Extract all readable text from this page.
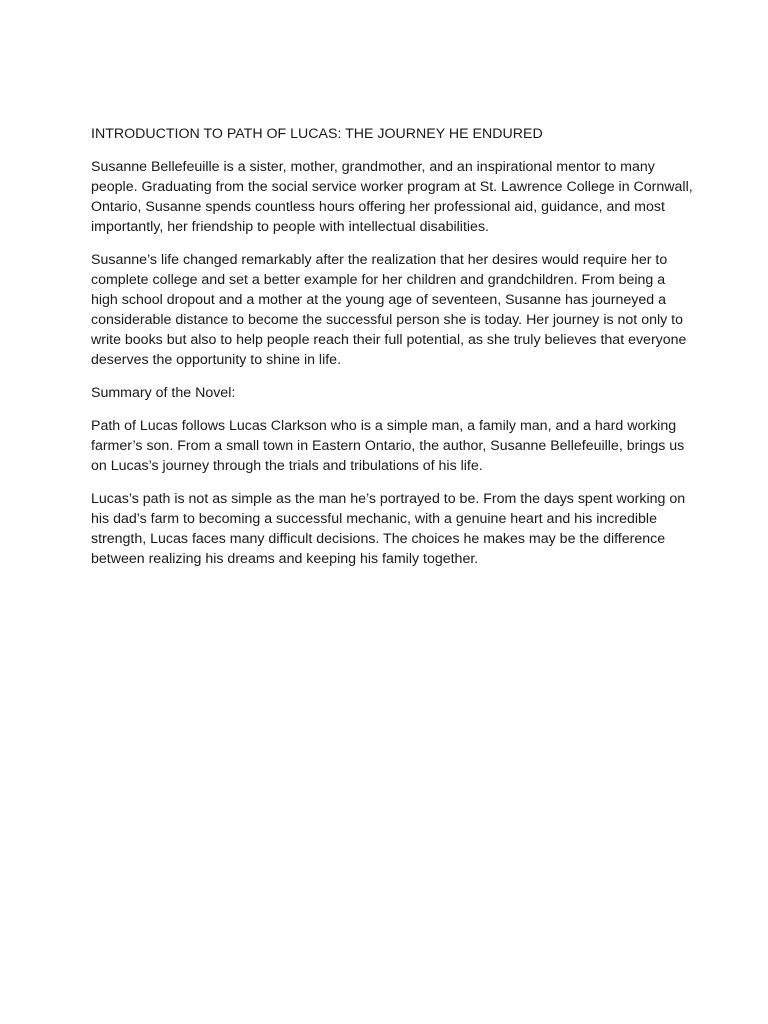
INTRODUCTION TO PATH OF LUCAS: THE JOURNEY HE ENDURED

Susanne Bellefeuille is a sister, mother, grandmother, and an inspirational mentor to many people. Graduating from the social service worker program at St. Lawrence College in Cornwall, Ontario, Susanne spends countless hours offering her professional aid, guidance, and most importantly, her friendship to people with intellectual disabilities.

Susanne’s life changed remarkably after the realization that her desires would require her to complete college and set a better example for her children and grandchildren. From being a high school dropout and a mother at the young age of seventeen, Susanne has journeyed a considerable distance to become the successful person she is today. Her journey is not only to write books but also to help people reach their full potential, as she truly believes that everyone deserves the opportunity to shine in life.

Summary of the Novel:

Path of Lucas follows Lucas Clarkson who is a simple man, a family man, and a hard working farmer’s son. From a small town in Eastern Ontario, the author, Susanne Bellefeuille, brings us on Lucas’s journey through the trials and tribulations of his life.

Lucas’s path is not as simple as the man he’s portrayed to be. From the days spent working on his dad’s farm to becoming a successful mechanic, with a genuine heart and his incredible strength, Lucas faces many difficult decisions. The choices he makes may be the difference between realizing his dreams and keeping his family together.
